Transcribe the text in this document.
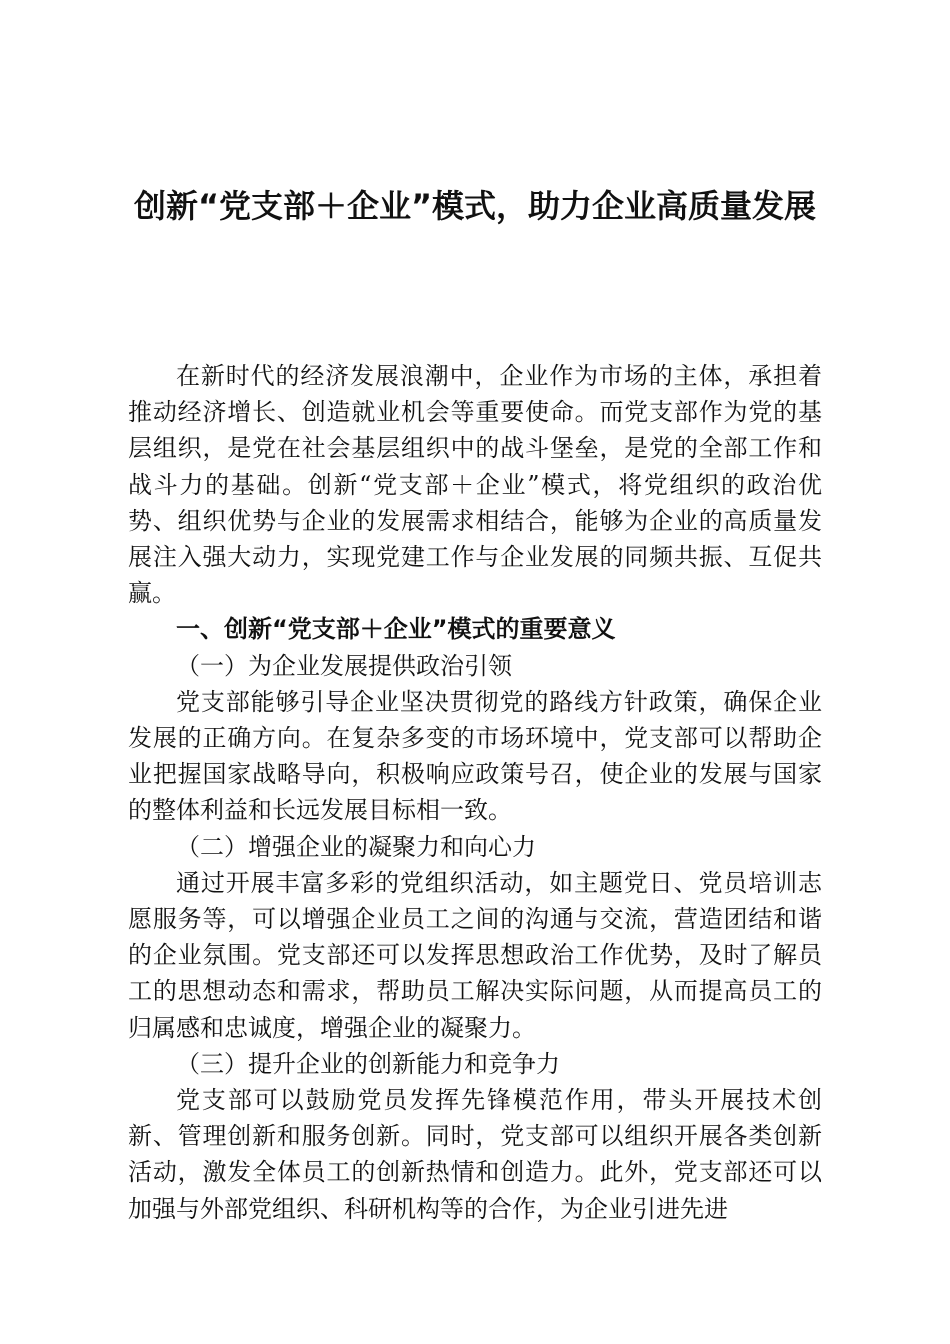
创新“党支部＋企业”模式，助力企业高质量发展

在新时代的经济发展浪潮中，企业作为市场的主体，承担着推动经济增长、创造就业机会等重要使命。而党支部作为党的基层组织，是党在社会基层组织中的战斗堡垒，是党的全部工作和战斗力的基础。创新“党支部＋企业”模式，将党组织的政治优势、组织优势与企业的发展需求相结合，能够为企业的高质量发展注入强大动力，实现党建工作与企业发展的同频共振、互促共赢。

一、创新“党支部＋企业”模式的重要意义

（一）为企业发展提供政治引领

党支部能够引导企业坚决贯彻党的路线方针政策，确保企业发展的正确方向。在复杂多变的市场环境中，党支部可以帮助企业把握国家战略导向，积极响应政策号召，使企业的发展与国家的整体利益和长远发展目标相一致。

（二）增强企业的凝聚力和向心力

通过开展丰富多彩的党组织活动，如主题党日、党员培训志愿服务等，可以增强企业员工之间的沟通与交流，营造团结和谐的企业氛围。党支部还可以发挥思想政治工作优势，及时了解员工的思想动态和需求，帮助员工解决实际问题，从而提高员工的归属感和忠诚度，增强企业的凝聚力。

（三）提升企业的创新能力和竞争力

党支部可以鼓励党员发挥先锋模范作用，带头开展技术创新、管理创新和服务创新。同时，党支部可以组织开展各类创新活动，激发全体员工的创新热情和创造力。此外，党支部还可以加强与外部党组织、科研机构等的合作，为企业引进先进
